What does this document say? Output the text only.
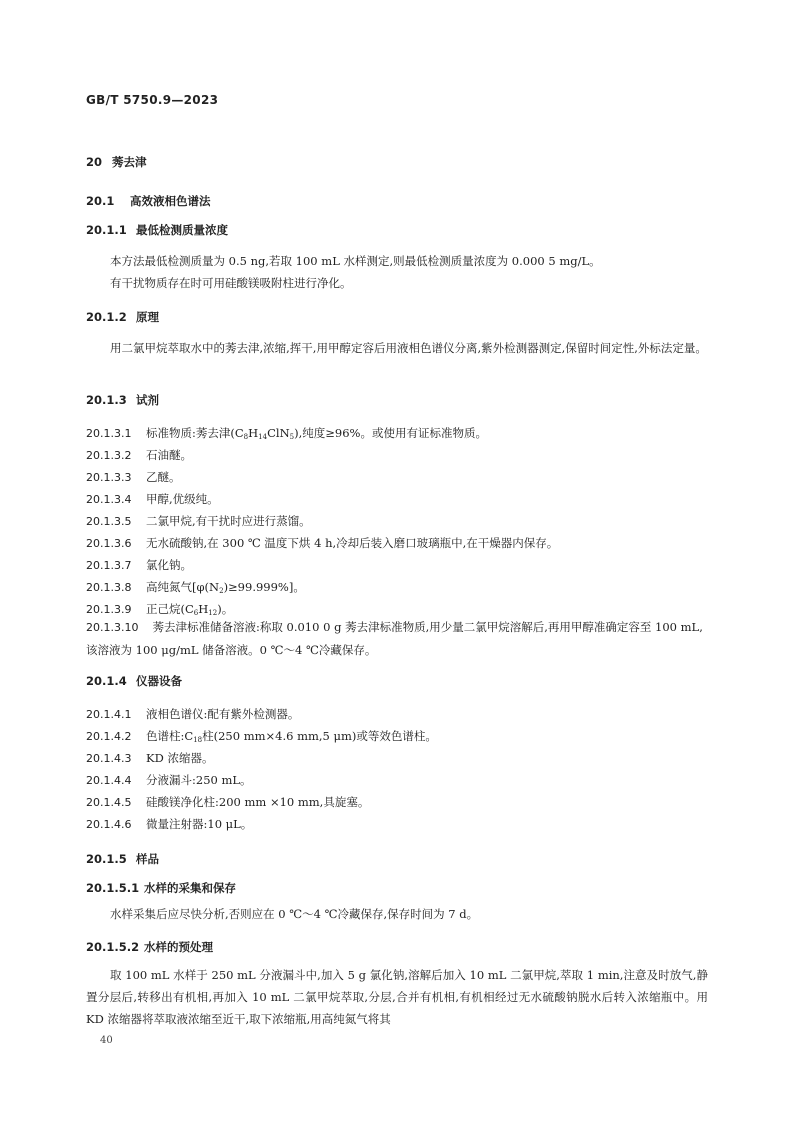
GB/T 5750.9—2023
20 莠去津
20.1 高效液相色谱法
20.1.1 最低检测质量浓度
本方法最低检测质量为 0.5 ng,若取 100 mL 水样测定,则最低检测质量浓度为 0.000 5 mg/L。
有干扰物质存在时可用硅酸镁吸附柱进行净化。
20.1.2 原理
用二氯甲烷萃取水中的莠去津,浓缩,挥干,用甲醇定容后用液相色谱仪分离,紫外检测器测定,保留时间定性,外标法定量。
20.1.3 试剂
20.1.3.1 标准物质:莠去津$(C_8H_{14}ClN_5)$,纯度≥96%。或使用有证标准物质。
20.1.3.2 石油醚。
20.1.3.3 乙醚。
20.1.3.4 甲醇,优级纯。
20.1.3.5 二氯甲烷,有干扰时应进行蒸馏。
20.1.3.6 无水硫酸钠,在 300 ℃ 温度下烘 4 h,冷却后装入磨口玻璃瓶中,在干燥器内保存。
20.1.3.7 氯化钠。
20.1.3.8 高纯氮气$[\varphi(N_2)\ge 99.999\%]$。
20.1.3.9 正己烷$(C_6H_{12})$。
20.1.3.10 莠去津标准储备溶液:称取 0.010 0 g 莠去津标准物质,用少量二氯甲烷溶解后,再用甲醇准确定容至 100 mL,该溶液为 100 μg/mL 储备溶液。0 ℃～4 ℃冷藏保存。
20.1.4 仪器设备
20.1.4.1 液相色谱仪:配有紫外检测器。
20.1.4.2 色谱柱$:C_{18}$柱(250 mm×4.6 mm,5 μm)或等效色谱柱。
20.1.4.3 KD 浓缩器。
20.1.4.4 分液漏斗:250 mL。
20.1.4.5 硅酸镁净化柱:200 mm ×10 mm,具旋塞。
20.1.4.6 微量注射器:10 μL。
20.1.5 样品
20.1.5.1 水样的采集和保存
水样采集后应尽快分析,否则应在 0 ℃～4 ℃冷藏保存,保存时间为 7 d。
20.1.5.2 水样的预处理
取 100 mL 水样于 250 mL 分液漏斗中,加入 5 g 氯化钠,溶解后加入 10 mL 二氯甲烷,萃取 1 min,注意及时放气,静置分层后,转移出有机相,再加入 10 mL 二氯甲烷萃取,分层,合并有机相,有机相经过无水硫酸钠脱水后转入浓缩瓶中。用 KD 浓缩器将萃取液浓缩至近干,取下浓缩瓶,用高纯氮气将其
40
